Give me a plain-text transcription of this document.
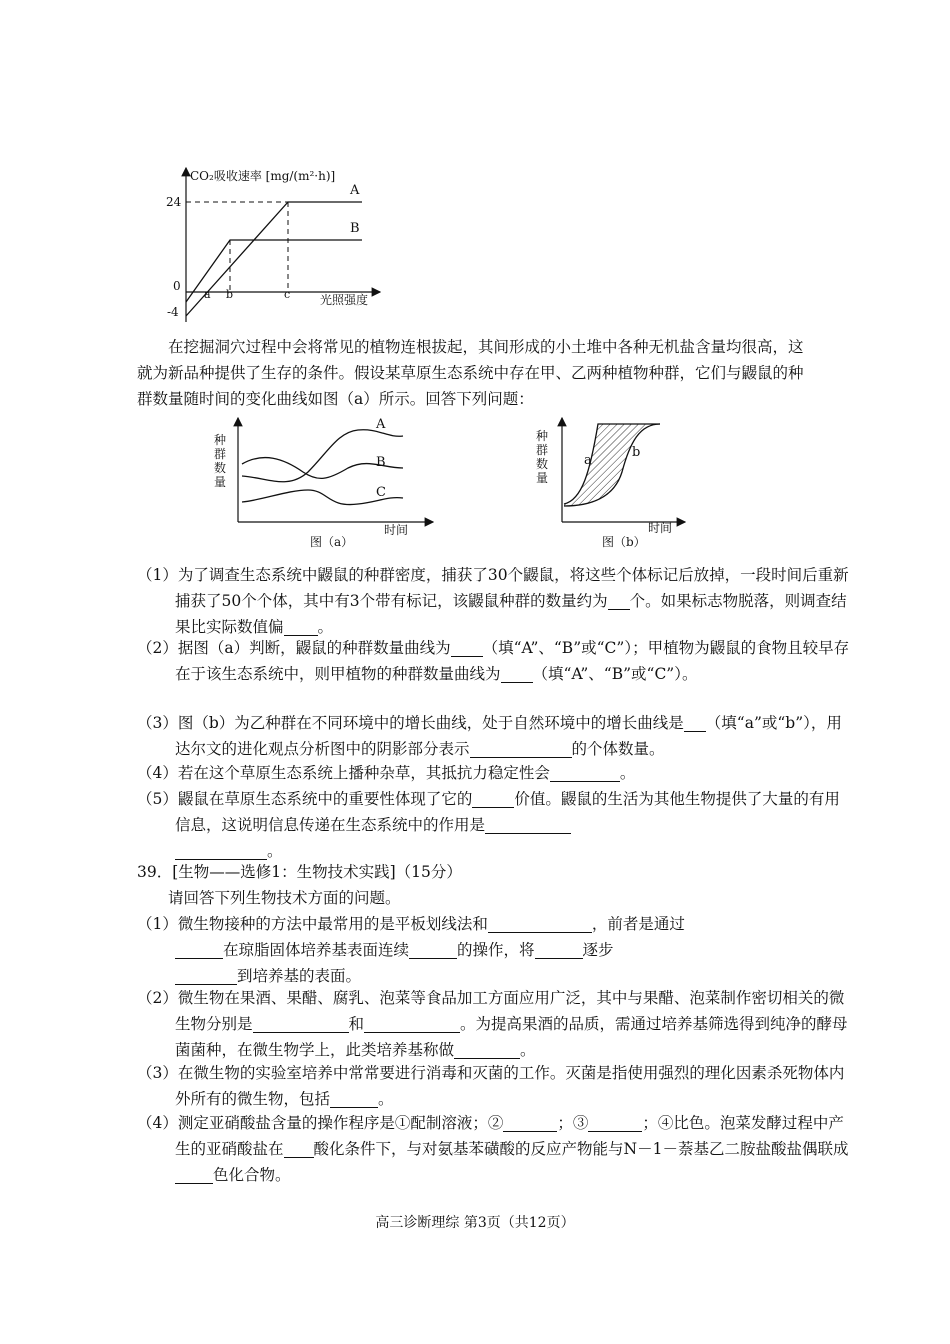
CO₂吸收速率 [mg/(m²·h)]
24
0
-4
光照强度
a b	c
A
B

在挖掘洞穴过程中会将常见的植物连根拔起，其间形成的小土堆中各种无机盐含量均很高，这就为新品种提供了生存的条件。假设某草原生态系统中存在甲、乙两种植物种群，它们与鼹鼠的种群数量随时间的变化曲线如图（a）所示。回答下列问题：

种
群
数
量
A
B
C
时间
图（a）
种
群
数
量
a
b
时间
图（b）

（1）为了调查生态系统中鼹鼠的种群密度，捕获了30个鼹鼠，将这些个体标记后放掉，一段时间后重新捕获了50个个体，其中有3个带有标记，该鼹鼠种群的数量约为 个。如果标志物脱落，则调查结果比实际数值偏 。

（2）据图（a）判断，鼹鼠的种群数量曲线为 （填“A”、“B”或“C”）；甲植物为鼹鼠的食物且较早存在于该生态系统中，则甲植物的种群数量曲线为 （填“A”、“B”或“C”）。

（3）图（b）为乙种群在不同环境中的增长曲线，处于自然环境中的增长曲线是 （填“a”或“b”），用达尔文的进化观点分析图中的阴影部分表示	的个体数量。

（4）若在这个草原生态系统上播种杂草，其抵抗力稳定性会	。

（5）鼹鼠在草原生态系统中的重要性体现了它的	价值。鼹鼠的生活为其他生物提供了大量的有用信息，这说明信息传递在生态系统中的作用是
。

39．[生物——选修1：生物技术实践]（15分）

请回答下列生物技术方面的问题。

（1）微生物接种的方法中最常用的是平板划线法和	，前者是通过
在琼脂固体培养基表面连续	的操作，将	逐步
到培养基的表面。

（2）微生物在果酒、果醋、腐乳、泡菜等食品加工方面应用广泛，其中与果醋、泡菜制作密切相关的微生物分别是	和	。为提高果酒的品质，需通过培养基筛选得到纯净的酵母菌菌种，在微生物学上，此类培养基称做	。

（3）在微生物的实验室培养中常常要进行消毒和灭菌的工作。灭菌是指使用强烈的理化因素杀死物体内外所有的微生物，包括	。

（4）测定亚硝酸盐含量的操作程序是①配制溶液；②	；③	；④比色。泡菜发酵过程中产生的亚硝酸盐在 酸化条件下，与对氨基苯磺酸的反应产物能与N－1－萘基乙二胺盐酸盐偶联成色化合物。

高三诊断理综 第3页（共12页）
